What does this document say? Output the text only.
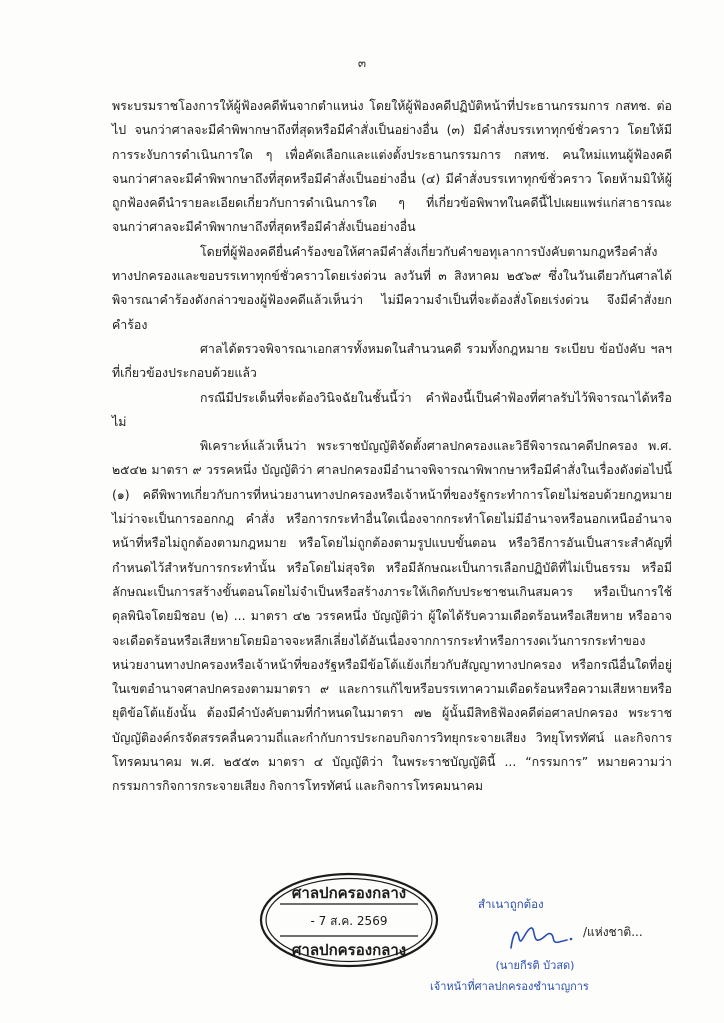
๓

พระบรมราชโองการให้ผู้ฟ้องคดีพ้นจากตำแหน่ง โดยให้ผู้ฟ้องคดีปฏิบัติหน้าที่ประธานกรรมการ กสทช. ต่อไป จนกว่าศาลจะมีคำพิพากษาถึงที่สุดหรือมีคำสั่งเป็นอย่างอื่น (๓) มีคำสั่งบรรเทาทุกข์ชั่วคราว โดยให้มีการระงับการดำเนินการใด ๆ เพื่อคัดเลือกและแต่งตั้งประธานกรรมการ กสทช. คนใหม่แทนผู้ฟ้องคดี จนกว่าศาลจะมีคำพิพากษาถึงที่สุดหรือมีคำสั่งเป็นอย่างอื่น (๔) มีคำสั่งบรรเทาทุกข์ชั่วคราว โดยห้ามมิให้ผู้ถูกฟ้องคดีนำรายละเอียดเกี่ยวกับการดำเนินการใด ๆ ที่เกี่ยวข้อพิพาทในคดีนี้ไปเผยแพร่แก่สาธารณะ จนกว่าศาลจะมีคำพิพากษาถึงที่สุดหรือมีคำสั่งเป็นอย่างอื่น

โดยที่ผู้ฟ้องคดียื่นคำร้องขอให้ศาลมีคำสั่งเกี่ยวกับคำขอทุเลาการบังคับตามกฎหรือคำสั่งทางปกครองและขอบรรเทาทุกข์ชั่วคราวโดยเร่งด่วน ลงวันที่ ๓ สิงหาคม ๒๕๖๙ ซึ่งในวันเดียวกันศาลได้พิจารณาคำร้องดังกล่าวของผู้ฟ้องคดีแล้วเห็นว่า ไม่มีความจำเป็นที่จะต้องสั่งโดยเร่งด่วน จึงมีคำสั่งยกคำร้อง

ศาลได้ตรวจพิจารณาเอกสารทั้งหมดในสำนวนคดี รวมทั้งกฎหมาย ระเบียบ ข้อบังคับ ฯลฯ ที่เกี่ยวข้องประกอบด้วยแล้ว

กรณีมีประเด็นที่จะต้องวินิจฉัยในชั้นนี้ว่า คำฟ้องนี้เป็นคำฟ้องที่ศาลรับไว้พิจารณาได้หรือไม่

พิเคราะห์แล้วเห็นว่า พระราชบัญญัติจัดตั้งศาลปกครองและวิธีพิจารณาคดีปกครอง พ.ศ. ๒๕๔๒ มาตรา ๙ วรรคหนึ่ง บัญญัติว่า ศาลปกครองมีอำนาจพิจารณาพิพากษาหรือมีคำสั่งในเรื่องดังต่อไปนี้ (๑) คดีพิพาทเกี่ยวกับการที่หน่วยงานทางปกครองหรือเจ้าหน้าที่ของรัฐกระทำการโดยไม่ชอบด้วยกฎหมายไม่ว่าจะเป็นการออกกฎ คำสั่ง หรือการกระทำอื่นใดเนื่องจากกระทำโดยไม่มีอำนาจหรือนอกเหนืออำนาจหน้าที่หรือไม่ถูกต้องตามกฎหมาย หรือโดยไม่ถูกต้องตามรูปแบบขั้นตอน หรือวิธีการอันเป็นสาระสำคัญที่กำหนดไว้สำหรับการกระทำนั้น หรือโดยไม่สุจริต หรือมีลักษณะเป็นการเลือกปฏิบัติที่ไม่เป็นธรรม หรือมีลักษณะเป็นการสร้างขั้นตอนโดยไม่จำเป็นหรือสร้างภาระให้เกิดกับประชาชนเกินสมควร หรือเป็นการใช้ดุลพินิจโดยมิชอบ (๒) ... มาตรา ๔๒ วรรคหนึ่ง บัญญัติว่า ผู้ใดได้รับความเดือดร้อนหรือเสียหาย หรืออาจจะเดือดร้อนหรือเสียหายโดยมิอาจจะหลีกเลี่ยงได้อันเนื่องจากการกระทำหรือการงดเว้นการกระทำของหน่วยงานทางปกครองหรือเจ้าหน้าที่ของรัฐหรือมีข้อโต้แย้งเกี่ยวกับสัญญาทางปกครอง หรือกรณีอื่นใดที่อยู่ในเขตอำนาจศาลปกครองตามมาตรา ๙ และการแก้ไขหรือบรรเทาความเดือดร้อนหรือความเสียหายหรือยุติข้อโต้แย้งนั้น ต้องมีคำบังคับตามที่กำหนดในมาตรา ๗๒ ผู้นั้นมีสิทธิฟ้องคดีต่อศาลปกครอง พระราชบัญญัติองค์กรจัดสรรคลื่นความถี่และกำกับการประกอบกิจการวิทยุกระจายเสียง วิทยุโทรทัศน์ และกิจการโทรคมนาคม พ.ศ. ๒๕๕๓ มาตรา ๔ บัญญัติว่า ในพระราชบัญญัตินี้ ... “กรรมการ” หมายความว่า กรรมการกิจการกระจายเสียง กิจการโทรทัศน์ และกิจการโทรคมนาคม

ศาลปกครองกลาง
- 7 ส.ค. 2569
ศาลปกครองกลาง
สำเนาถูกต้อง
/แห่งชาติ...
(นายกีรติ บัวสด)
เจ้าหน้าที่ศาลปกครองชำนาญการ
